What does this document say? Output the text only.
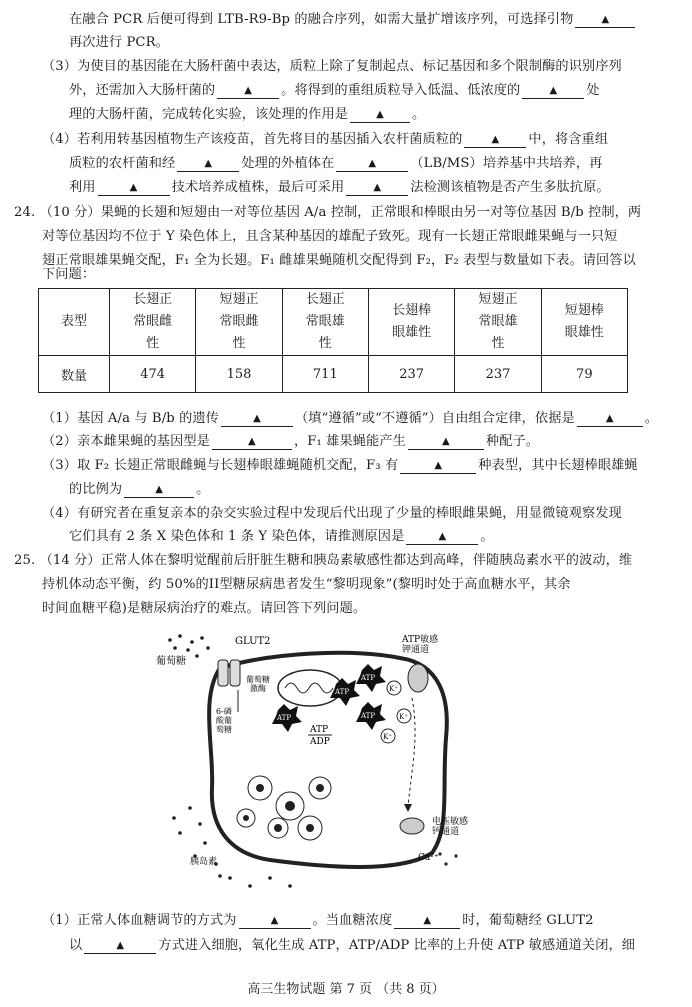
在融合 PCR 后便可得到 LTB-R9-Bp 的融合序列，如需大量扩增该序列，可选择引物	▲
再次进行 PCR。
（3）为使目的基因能在大肠杆菌中表达，质粒上除了复制起点、标记基因和多个限制酶的识别序列
外，还需加入大肠杆菌的	▲ 。将得到的重组质粒导入低温、低浓度的	▲ 处
理的大肠杆菌，完成转化实验，该处理的作用是	▲ 。
（4）若利用转基因植物生产该疫苗，首先将目的基因插入农杆菌质粒的	▲ 中，将含重组
质粒的农杆菌和经	▲ 处理的外植体在	▲	（LB/MS）培养基中共培养，再
利用	▲	技术培养成植株，最后可采用	▲ 法检测该植物是否产生多肽抗原。
24. （10 分）果蝇的长翅和短翅由一对等位基因 A/a 控制，正常眼和棒眼由另一对等位基因 B/b 控制，两
对等位基因均不位于 Y 染色体上，且含某种基因的雄配子致死。现有一长翅正常眼雌果蝇与一只短
翅正常眼雄果蝇交配，F₁ 全为长翅。F₁ 雌雄果蝇随机交配得到 F₂，F₂ 表型与数量如下表。请回答以
下问题：
表型	长翅正常眼雌性	短翅正常眼雌性	长翅正常眼雄性	长翅棒眼雄性	短翅正常眼雄性	短翅棒眼雄性
数量	474	158	711	237	237	79
（1）基因 A/a 与 B/b 的遗传	▲	（填“遵循”或“不遵循”）自由组合定律，依据是	▲ 。
（2）亲本雌果蝇的基因型是	▲	，F₁ 雄果蝇能产生	▲	种配子。
（3）取 F₂ 长翅正常眼雌蝇与长翅棒眼雄蝇随机交配，F₃ 有	▲	种表型，其中长翅棒眼雄蝇
的比例为	▲	。
（4）有研究者在重复亲本的杂交实验过程中发现后代出现了少量的棒眼雌果蝇，用显微镜观察发现
它们具有 2 条 X 染色体和 1 条 Y 染色体，请推测原因是	▲	。
25. （14 分）正常人体在黎明觉醒前后肝脏生糖和胰岛素敏感性都达到高峰，伴随胰岛素水平的波动，维
持机体动态平衡，约 50%的II型糖尿病患者发生“黎明现象”(黎明时处于高血糖水平，其余
时间血糖平稳)是糖尿病治疗的难点。请回答下列问题。
葡萄糖
GLUT2
ATP
ATP
ATP
ATP
ATP
ADP
K⁺
K⁺
K⁺
ATP敏感钾通道
葡萄糖激酶
6-磷酸葡萄糖
胰岛素
电压敏感钙通道
Ca²⁺
（1）正常人体血糖调节的方式为	▲	。当血糖浓度	▲ 时，葡萄糖经 GLUT2
以	▲	方式进入细胞，氧化生成 ATP，ATP/ADP 比率的上升使 ATP 敏感通道关闭，细
高三生物试题 第 7 页 （共 8 页）
